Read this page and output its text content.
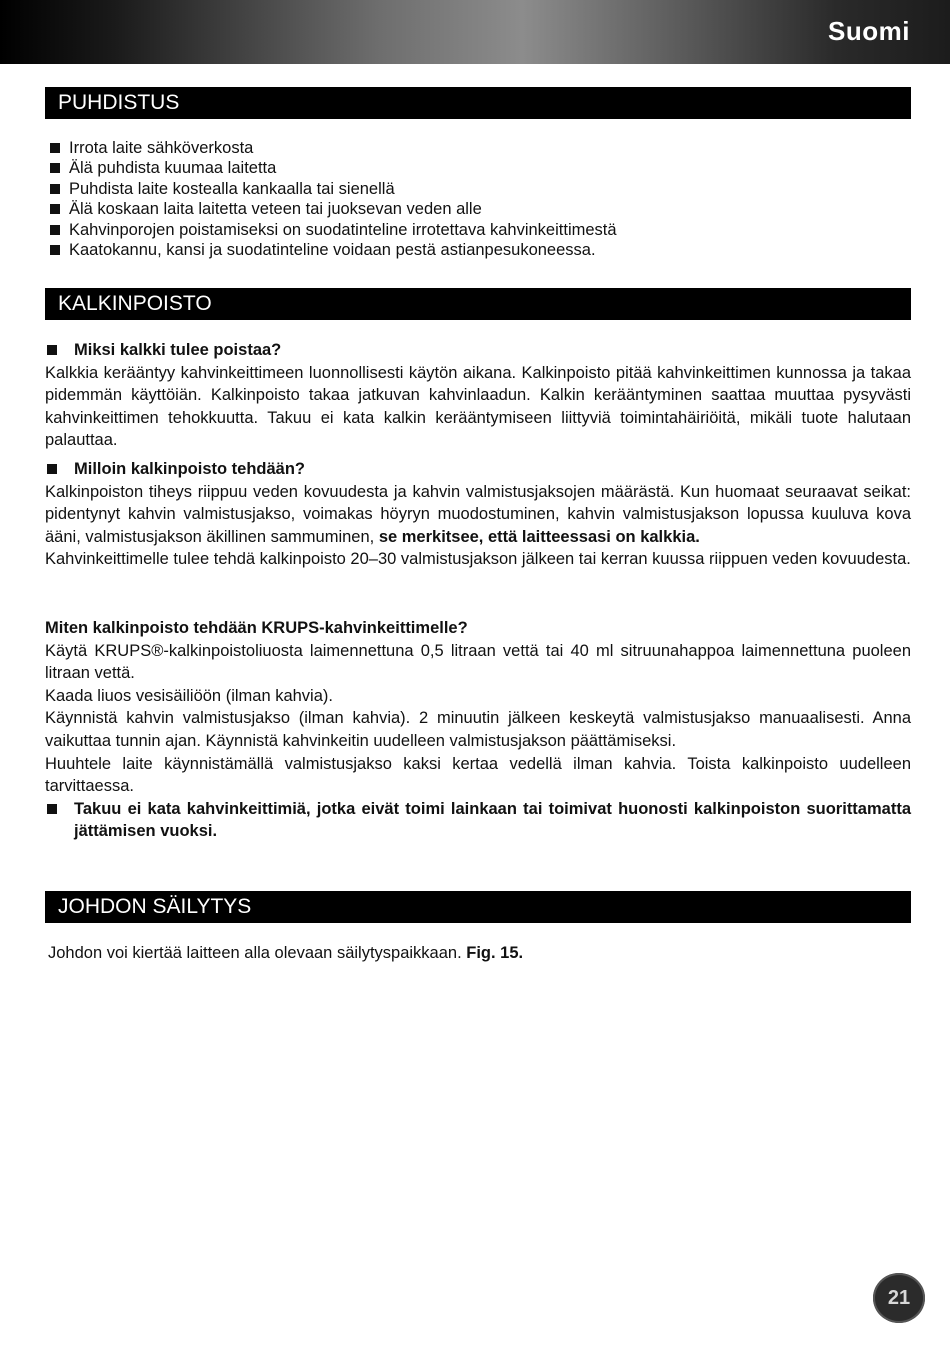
Suomi
PUHDISTUS
Irrota laite sähköverkosta
Älä puhdista kuumaa laitetta
Puhdista laite kostealla kankaalla tai sienellä
Älä koskaan laita laitetta veteen tai juoksevan veden alle
Kahvinporojen poistamiseksi on suodatinteline irrotettava kahvinkeittimestä
Kaatokannu, kansi ja suodatinteline voidaan pestä astianpesukoneessa.
KALKINPOISTO

Miksi kalkki tulee poistaa?

Kalkkia kerääntyy kahvinkeittimeen luonnollisesti käytön aikana. Kalkinpoisto pitää kahvinkeittimen kunnossa ja takaa pidemmän käyttöiän. Kalkinpoisto takaa jatkuvan kahvinlaadun. Kalkin kerääntyminen saattaa muuttaa pysyvästi kahvinkeittimen tehokkuutta. Takuu ei kata kalkin kerääntymiseen liittyviä toimintahäiriöitä, mikäli tuote halutaan palauttaa.

Milloin kalkinpoisto tehdään?

Kalkinpoiston tiheys riippuu veden kovuudesta ja kahvin valmistusjaksojen määrästä. Kun huomaat seuraavat seikat: pidentynyt kahvin valmistusjakso, voimakas höyryn muodostuminen, kahvin valmistusjakson lopussa kuuluva kova ääni, valmistusjakson äkillinen sammuminen, se merkitsee, että laitteessasi on kalkkia.

Kahvinkeittimelle tulee tehdä kalkinpoisto 20–30 valmistusjakson jälkeen tai kerran kuussa riippuen veden kovuudesta.

Miten kalkinpoisto tehdään KRUPS-kahvinkeittimelle?

Käytä KRUPS®-kalkinpoistoliuosta laimennettuna 0,5 litraan vettä tai 40 ml sitruunahappoa laimennettuna puoleen litraan vettä.

Kaada liuos vesisäiliöön (ilman kahvia).

Käynnistä kahvin valmistusjakso (ilman kahvia). 2 minuutin jälkeen keskeytä valmistusjakso manuaalisesti. Anna vaikuttaa tunnin ajan. Käynnistä kahvinkeitin uudelleen valmistusjakson päättämiseksi.

Huuhtele laite käynnistämällä valmistusjakso kaksi kertaa vedellä ilman kahvia. Toista kalkinpoisto uudelleen tarvittaessa.

Takuu ei kata kahvinkeittimiä, jotka eivät toimi lainkaan tai toimivat huonosti kalkinpoiston suorittamatta jättämisen vuoksi.

JOHDON SÄILYTYS

Johdon voi kiertää laitteen alla olevaan säilytyspaikkaan. Fig. 15.

21
